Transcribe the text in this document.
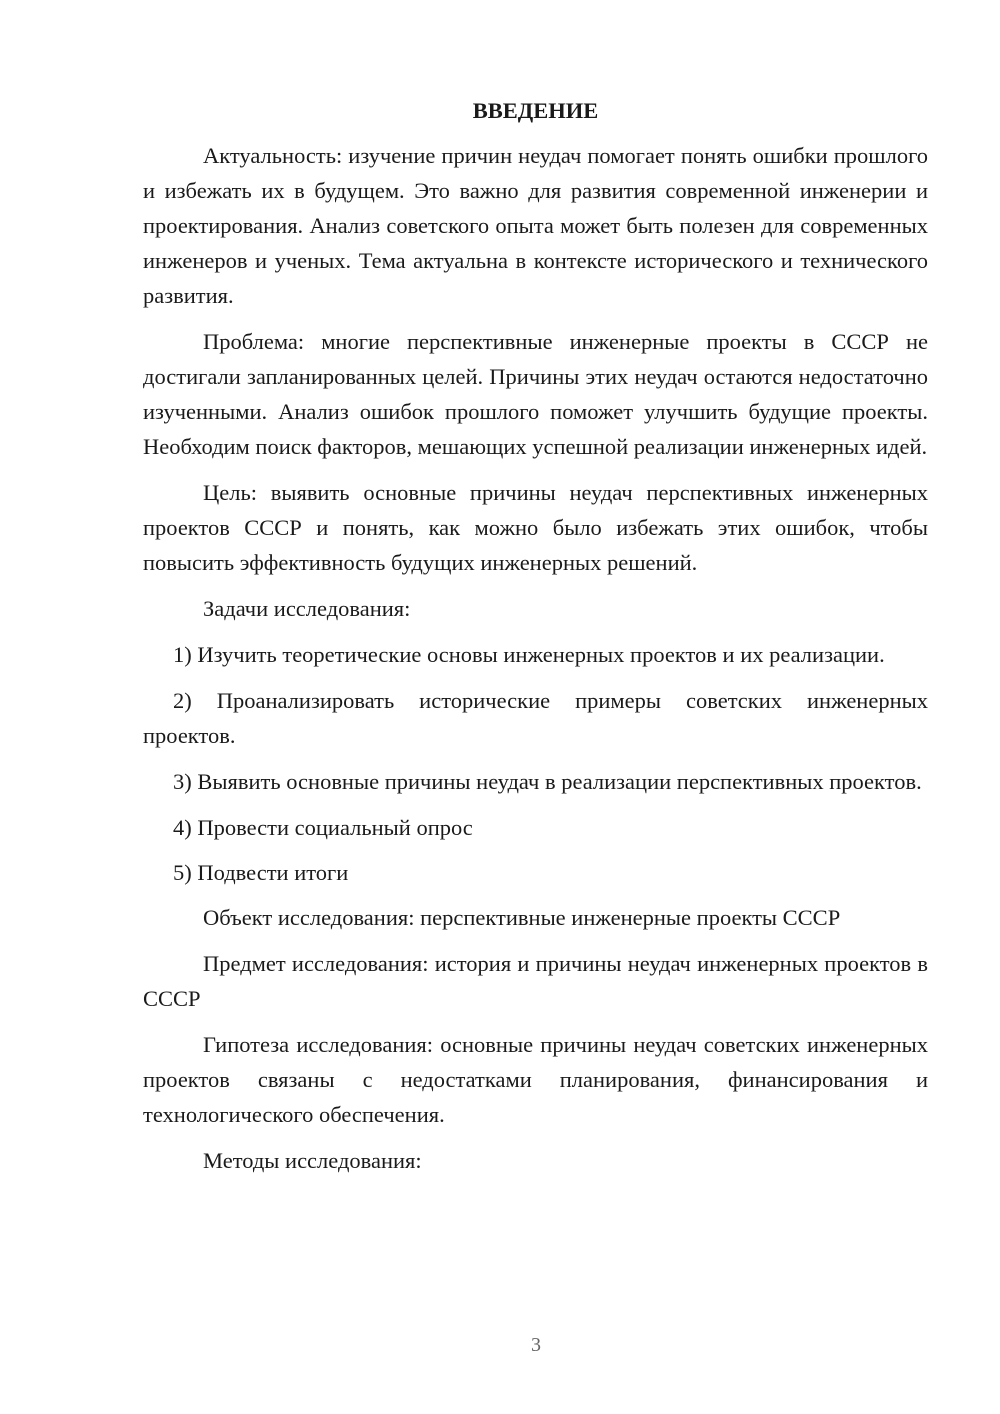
ВВЕДЕНИЕ

Актуальность: изучение причин неудач помогает понять ошибки прошлого и избежать их в будущем. Это важно для развития современной инженерии и проектирования. Анализ советского опыта может быть полезен для современных инженеров и ученых. Тема актуальна в контексте исторического и технического развития.

Проблема: многие перспективные инженерные проекты в СССР не достигали запланированных целей. Причины этих неудач остаются недостаточно изученными. Анализ ошибок прошлого поможет улучшить будущие проекты. Необходим поиск факторов, мешающих успешной реализации инженерных идей.

Цель: выявить основные причины неудач перспективных инженерных проектов СССР и понять, как можно было избежать этих ошибок, чтобы повысить эффективность будущих инженерных решений.

Задачи исследования:

1) Изучить теоретические основы инженерных проектов и их реализации.

2) Проанализировать исторические примеры советских инженерных проектов.

3) Выявить основные причины неудач в реализации перспективных проектов.

4) Провести социальный опрос

5) Подвести итоги

Объект исследования: перспективные инженерные проекты СССР

Предмет исследования: история и причины неудач инженерных проектов в СССР

Гипотеза исследования: основные причины неудач советских инженерных проектов связаны с недостатками планирования, финансирования и технологического обеспечения.

Методы исследования:

3
